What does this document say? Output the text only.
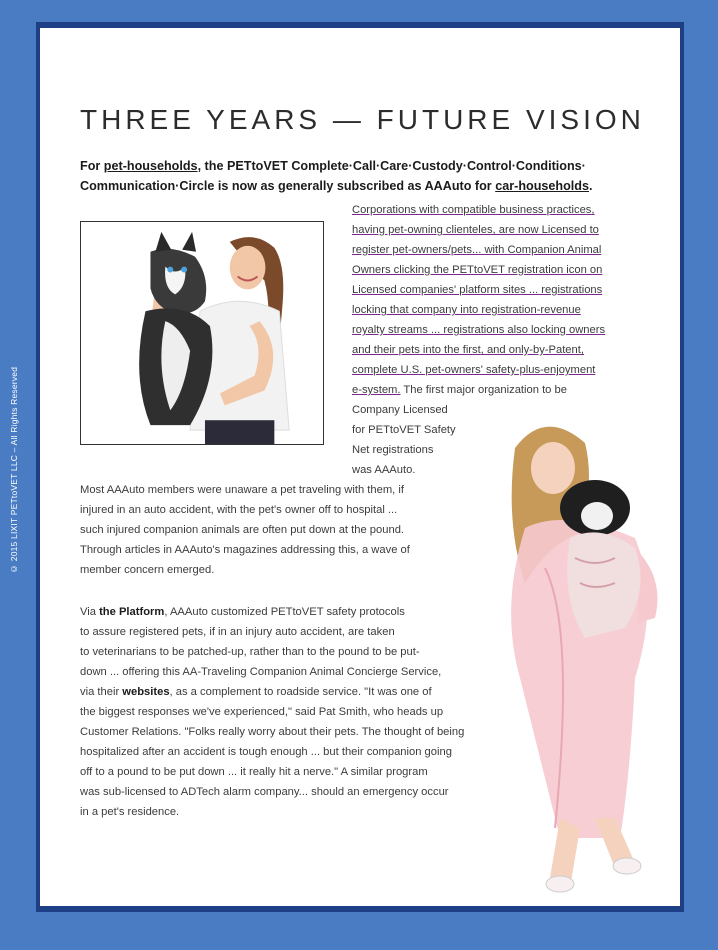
© 2015 LIXIT PETtoVET LLC – All Rights Reserved
THREE YEARS — FUTURE VISION
For pet-households, the PETtoVET Complete·Call·Care·Custody·Control·Conditions·
Communication·Circle is now as generally subscribed as AAAuto for car-households.
Corporations with compatible business practices,
having pet-owning clienteles, are now Licensed to
register pet-owners/pets... with Companion Animal
Owners clicking the PETtoVET registration icon on
Licensed companies' platform sites ... registrations
locking that company into registration-revenue
royalty streams ... registrations also locking owners
and their pets into the first, and only-by-Patent,
complete U.S. pet-owners' safety-plus-enjoyment
e-system. The first major organization to be
Company Licensed
for PETtoVET Safety
Net registrations
was AAAuto.
Most AAAuto members were unaware a pet traveling with them, if
injured in an auto accident, with the pet's owner off to hospital ...
such injured companion animals are often put down at the pound.
Through articles in AAAuto's magazines addressing this, a wave of
member concern emerged.
Via the Platform, AAAuto customized PETtoVET safety protocols
to assure registered pets, if in an injury auto accident, are taken
to veterinarians to be patched-up, rather than to the pound to be put-
down ... offering this AA-Traveling Companion Animal Concierge Service,
via their websites, as a complement to roadside service. "It was one of
the biggest responses we've experienced," said Pat Smith, who heads up
Customer Relations. "Folks really worry about their pets. The thought of being
hospitalized after an accident is tough enough ... but their companion going
off to a pound to be put down ... it really hit a nerve." A similar program
was sub-licensed to ADTech alarm company... should an emergency occur
in a pet's residence.
